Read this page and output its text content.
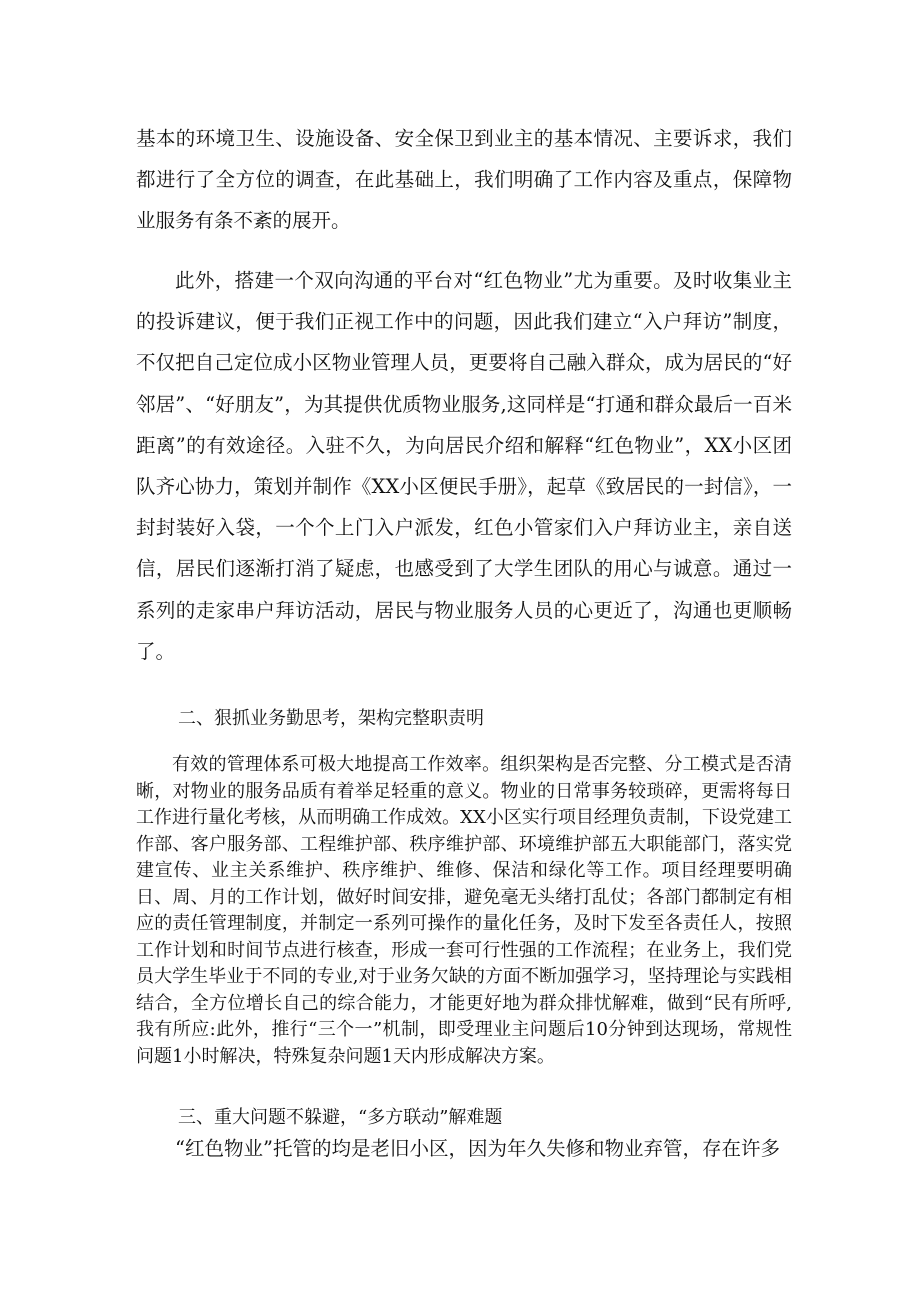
基本的环境卫生、设施设备、安全保卫到业主的基本情况、主要诉求，我们都进行了全方位的调查，在此基础上，我们明确了工作内容及重点，保障物业服务有条不紊的展开。

此外，搭建一个双向沟通的平台对“红色物业”尤为重要。及时收集业主的投诉建议，便于我们正视工作中的问题，因此我们建立“入户拜访”制度，不仅把自己定位成小区物业管理人员，更要将自己融入群众，成为居民的“好邻居”、“好朋友”，为其提供优质物业服务,这同样是“打通和群众最后一百米距离”的有效途径。入驻不久，为向居民介绍和解释“红色物业”，XX小区团队齐心协力，策划并制作《XX小区便民手册》，起草《致居民的一封信》，一封封装好入袋，一个个上门入户派发，红色小管家们入户拜访业主，亲自送信，居民们逐渐打消了疑虑，也感受到了大学生团队的用心与诚意。通过一系列的走家串户拜访活动，居民与物业服务人员的心更近了，沟通也更顺畅了。

二、狠抓业务勤思考，架构完整职责明

有效的管理体系可极大地提高工作效率。组织架构是否完整、分工模式是否清晰，对物业的服务品质有着举足轻重的意义。物业的日常事务较琐碎，更需将每日工作进行量化考核，从而明确工作成效。XX小区实行项目经理负责制，下设党建工作部、客户服务部、工程维护部、秩序维护部、环境维护部五大职能部门，落实党建宣传、业主关系维护、秩序维护、维修、保洁和绿化等工作。项目经理要明确日、周、月的工作计划，做好时间安排，避免毫无头绪打乱仗；各部门都制定有相应的责任管理制度，并制定一系列可操作的量化任务，及时下发至各责任人，按照工作计划和时间节点进行核查，形成一套可行性强的工作流程；在业务上，我们党员大学生毕业于不同的专业,对于业务欠缺的方面不断加强学习，坚持理论与实践相结合，全方位增长自己的综合能力，才能更好地为群众排忧解难，做到“民有所呼,我有所应:此外，推行“三个一”机制，即受理业主问题后10分钟到达现场，常规性问题1小时解决，特殊复杂问题1天内形成解决方案。

三、重大问题不躲避，“多方联动”解难题

“红色物业”托管的均是老旧小区，因为年久失修和物业弃管，存在许多
